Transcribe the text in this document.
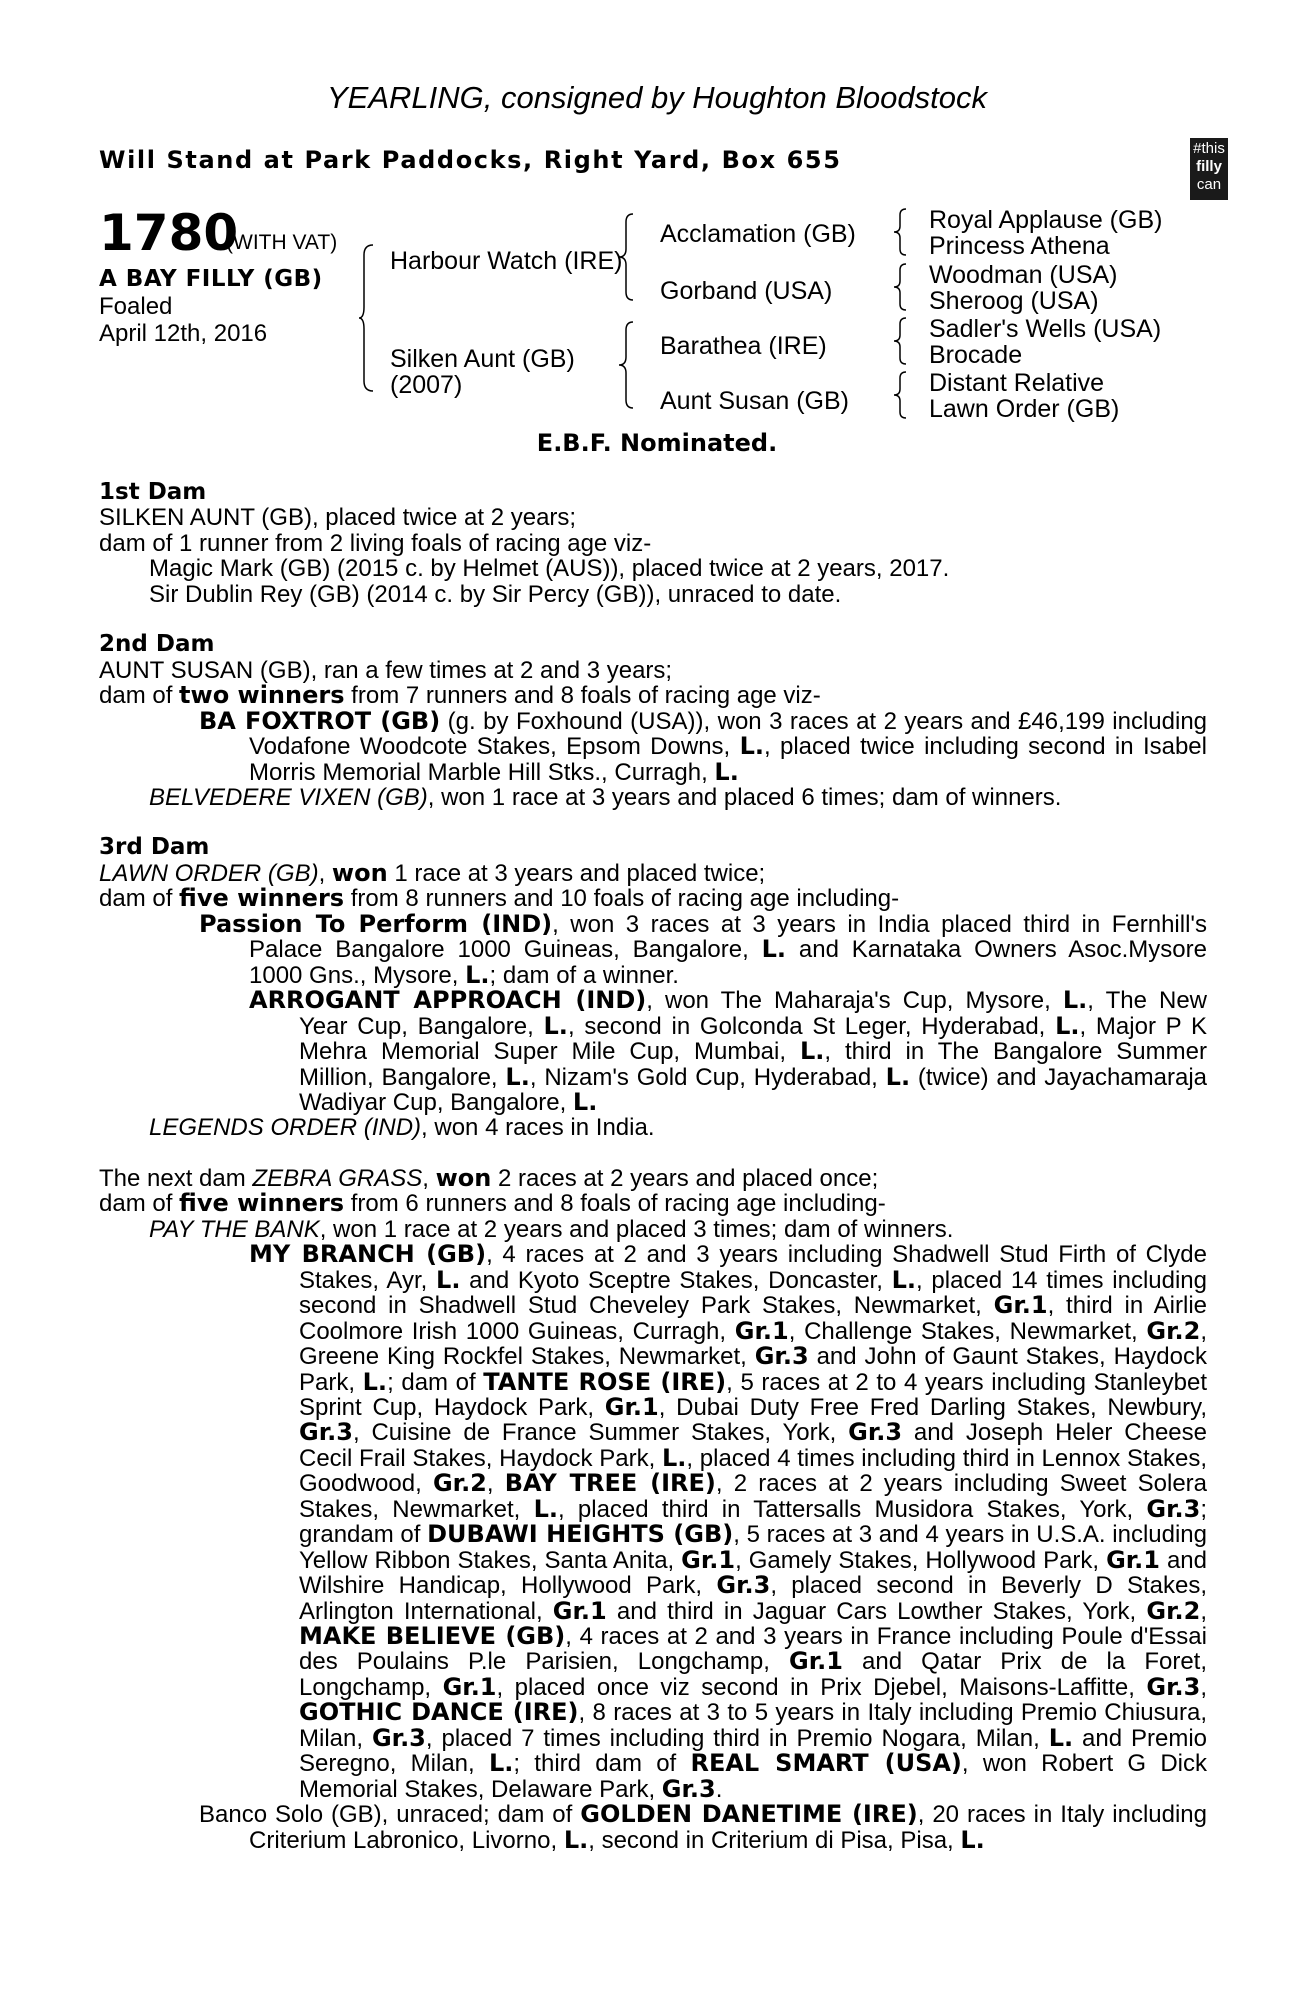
YEARLING, consigned by Houghton Bloodstock
Will Stand at Park Paddocks, Right Yard, Box 655	#this
filly
can
1780
(WITH VAT)
A BAY FILLY (GB)
Foaled
April 12th, 2016
Harbour Watch (IRE)
Silken Aunt (GB)
(2007)
Acclamation (GB)
Gorband (USA)
Barathea (IRE)
Aunt Susan (GB)
Royal Applause (GB)
Princess Athena
Woodman (USA)
Sheroog (USA)
Sadler's Wells (USA)
Brocade
Distant Relative
Lawn Order (GB)
E.B.F. Nominated.

1st Dam

SILKEN AUNT (GB), placed twice at 2 years;

dam of 1 runner from 2 living foals of racing age viz-

Magic Mark (GB) (2015 c. by Helmet (AUS)), placed twice at 2 years, 2017.

Sir Dublin Rey (GB) (2014 c. by Sir Percy (GB)), unraced to date.

2nd Dam

AUNT SUSAN (GB), ran a few times at 2 and 3 years;

dam of two winners from 7 runners and 8 foals of racing age viz-

BA FOXTROT (GB) (g. by Foxhound (USA)), won 3 races at 2 years and £46,199 including Vodafone Woodcote Stakes, Epsom Downs, L., placed twice including second in Isabel Morris Memorial Marble Hill Stks., Curragh, L.

BELVEDERE VIXEN (GB), won 1 race at 3 years and placed 6 times; dam of winners.

3rd Dam

LAWN ORDER (GB), won 1 race at 3 years and placed twice;

dam of five winners from 8 runners and 10 foals of racing age including-

Passion To Perform (IND), won 3 races at 3 years in India placed third in Fernhill's Palace Bangalore 1000 Guineas, Bangalore, L. and Karnataka Owners Asoc.Mysore 1000 Gns., Mysore, L.; dam of a winner.

ARROGANT APPROACH (IND), won The Maharaja's Cup, Mysore, L., The New Year Cup, Bangalore, L., second in Golconda St Leger, Hyderabad, L., Major P K Mehra Memorial Super Mile Cup, Mumbai, L., third in The Bangalore Summer Million, Bangalore, L., Nizam's Gold Cup, Hyderabad, L. (twice) and Jayachamaraja Wadiyar Cup, Bangalore, L.

LEGENDS ORDER (IND), won 4 races in India.

The next dam ZEBRA GRASS, won 2 races at 2 years and placed once;

dam of five winners from 6 runners and 8 foals of racing age including-

PAY THE BANK, won 1 race at 2 years and placed 3 times; dam of winners.

MY BRANCH (GB), 4 races at 2 and 3 years including Shadwell Stud Firth of Clyde Stakes, Ayr, L. and Kyoto Sceptre Stakes, Doncaster, L., placed 14 times including second in Shadwell Stud Cheveley Park Stakes, Newmarket, Gr.1, third in Airlie Coolmore Irish 1000 Guineas, Curragh, Gr.1, Challenge Stakes, Newmarket, Gr.2, Greene King Rockfel Stakes, Newmarket, Gr.3 and John of Gaunt Stakes, Haydock Park, L.; dam of TANTE ROSE (IRE), 5 races at 2 to 4 years including Stanleybet Sprint Cup, Haydock Park, Gr.1, Dubai Duty Free Fred Darling Stakes, Newbury, Gr.3, Cuisine de France Summer Stakes, York, Gr.3 and Joseph Heler Cheese Cecil Frail Stakes, Haydock Park, L., placed 4 times including third in Lennox Stakes, Goodwood, Gr.2, BAY TREE (IRE), 2 races at 2 years including Sweet Solera Stakes, Newmarket, L., placed third in Tattersalls Musidora Stakes, York, Gr.3; grandam of DUBAWI HEIGHTS (GB), 5 races at 3 and 4 years in U.S.A. including Yellow Ribbon Stakes, Santa Anita, Gr.1, Gamely Stakes, Hollywood Park, Gr.1 and Wilshire Handicap, Hollywood Park, Gr.3, placed second in Beverly D Stakes, Arlington International, Gr.1 and third in Jaguar Cars Lowther Stakes, York, Gr.2, MAKE BELIEVE (GB), 4 races at 2 and 3 years in France including Poule d'Essai des Poulains P.le Parisien, Longchamp, Gr.1 and Qatar Prix de la Foret, Longchamp, Gr.1, placed once viz second in Prix Djebel, Maisons-Laffitte, Gr.3, GOTHIC DANCE (IRE), 8 races at 3 to 5 years in Italy including Premio Chiusura, Milan, Gr.3, placed 7 times including third in Premio Nogara, Milan, L. and Premio Seregno, Milan, L.; third dam of REAL SMART (USA), won Robert G Dick Memorial Stakes, Delaware Park, Gr.3.

Banco Solo (GB), unraced; dam of GOLDEN DANETIME (IRE), 20 races in Italy including Criterium Labronico, Livorno, L., second in Criterium di Pisa, Pisa, L.
